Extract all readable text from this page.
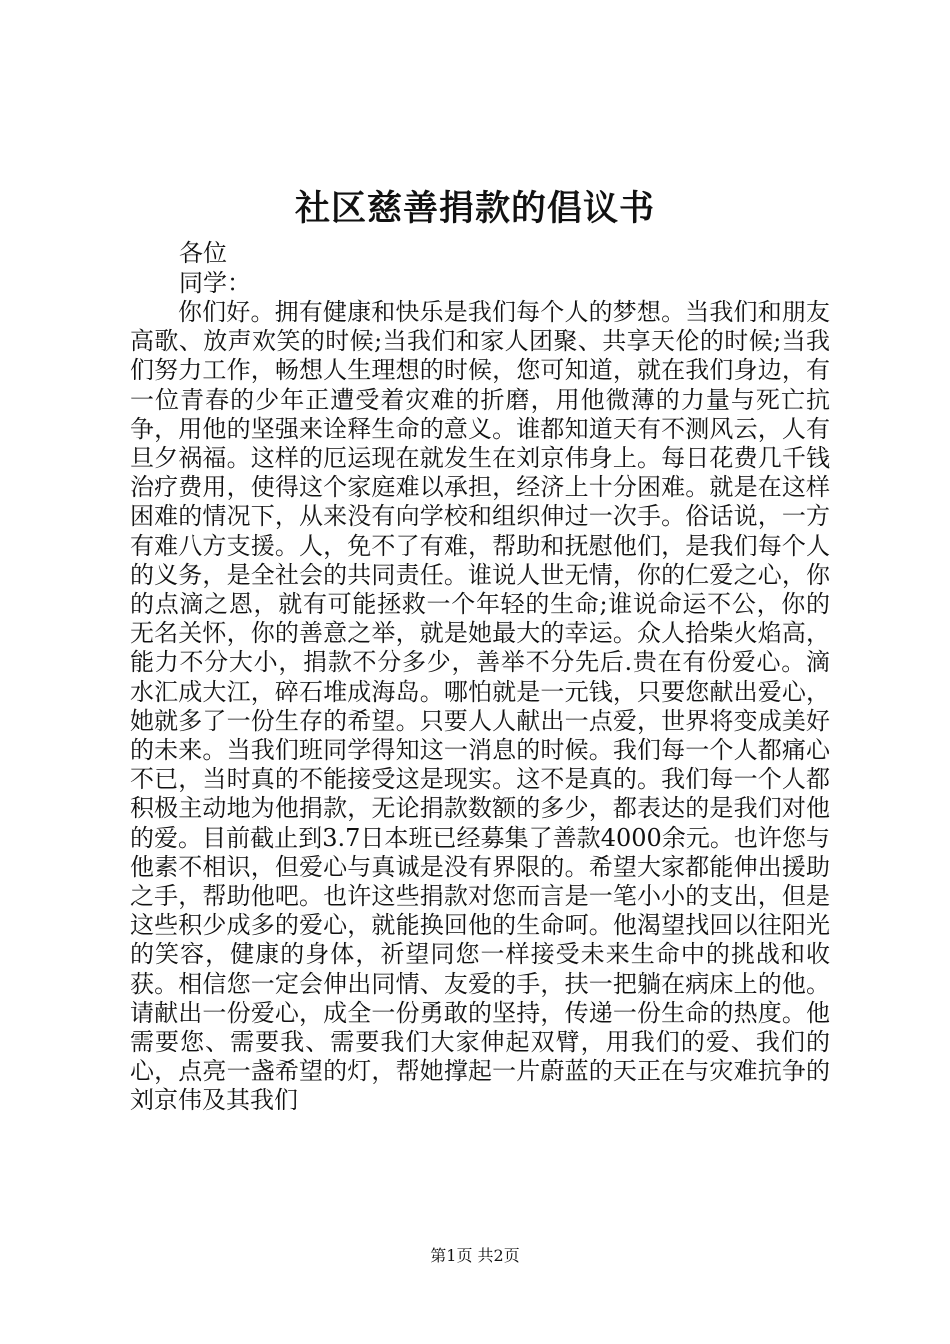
社区慈善捐款的倡议书

各位

同学：

你们好。拥有健康和快乐是我们每个人的梦想。当我们和朋友高歌、放声欢笑的时候;当我们和家人团聚、共享天伦的时候;当我们努力工作，畅想人生理想的时候，您可知道，就在我们身边，有一位青春的少年正遭受着灾难的折磨，用他微薄的力量与死亡抗争，用他的坚强来诠释生命的意义。谁都知道天有不测风云，人有旦夕祸福。这样的厄运现在就发生在刘京伟身上。每日花费几千钱治疗费用，使得这个家庭难以承担，经济上十分困难。就是在这样困难的情况下，从来没有向学校和组织伸过一次手。俗话说，一方有难八方支援。人，免不了有难，帮助和抚慰他们，是我们每个人的义务，是全社会的共同责任。谁说人世无情，你的仁爱之心，你的点滴之恩，就有可能拯救一个年轻的生命;谁说命运不公，你的无名关怀，你的善意之举，就是她最大的幸运。众人拾柴火焰高，能力不分大小，捐款不分多少，善举不分先后.贵在有份爱心。滴水汇成大江，碎石堆成海岛。哪怕就是一元钱，只要您献出爱心，她就多了一份生存的希望。只要人人献出一点爱，世界将变成美好的未来。当我们班同学得知这一消息的时候。我们每一个人都痛心不已，当时真的不能接受这是现实。这不是真的。我们每一个人都积极主动地为他捐款，无论捐款数额的多少，都表达的是我们对他的爱。目前截止到3.7日本班已经募集了善款4000余元。也许您与他素不相识，但爱心与真诚是没有界限的。希望大家都能伸出援助之手，帮助他吧。也许这些捐款对您而言是一笔小小的支出，但是这些积少成多的爱心，就能换回他的生命呵。他渴望找回以往阳光的笑容，健康的身体，祈望同您一样接受未来生命中的挑战和收获。相信您一定会伸出同情、友爱的手，扶一把躺在病床上的他。请献出一份爱心，成全一份勇敢的坚持，传递一份生命的热度。他需要您、需要我、需要我们大家伸起双臂，用我们的爱、我们的心，点亮一盏希望的灯，帮她撑起一片蔚蓝的天正在与灾难抗争的刘京伟及其我们

第1页 共2页
